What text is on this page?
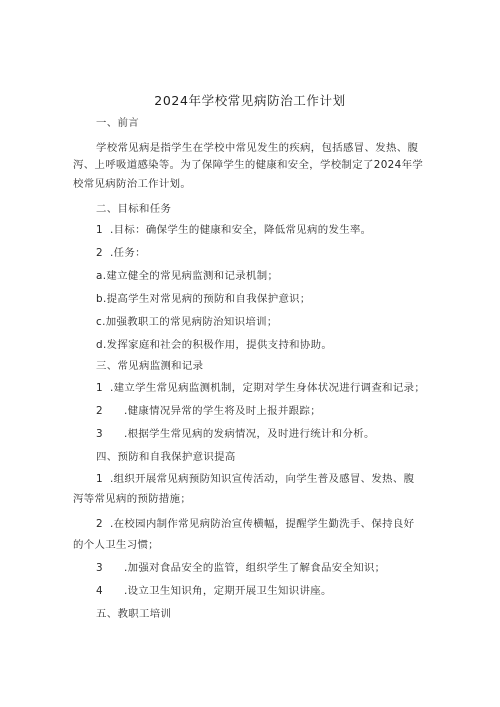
2024年学校常见病防治工作计划
一、前言
学校常见病是指学生在学校中常见发生的疾病，包括感冒、发热、腹
泻、上呼吸道感染等。为了保障学生的健康和安全，学校制定了2024年学
校常见病防治工作计划。
二、目标和任务
1 .目标：确保学生的健康和安全，降低常见病的发生率。
2 .任务：
a.建立健全的常见病监测和记录机制；
b.提高学生对常见病的预防和自我保护意识；
c.加强教职工的常见病防治知识培训；
d.发挥家庭和社会的积极作用，提供支持和协助。
三、常见病监测和记录
1 .建立学生常见病监测机制，定期对学生身体状况进行调查和记录；
2 .健康情况异常的学生将及时上报并跟踪；
3 .根据学生常见病的发病情况，及时进行统计和分析。
四、预防和自我保护意识提高
1 .组织开展常见病预防知识宣传活动，向学生普及感冒、发热、腹
泻等常见病的预防措施；
2 .在校园内制作常见病防治宣传横幅，提醒学生勤洗手、保持良好
的个人卫生习惯；
3 .加强对食品安全的监管，组织学生了解食品安全知识；
4 .设立卫生知识角，定期开展卫生知识讲座。
五、教职工培训
